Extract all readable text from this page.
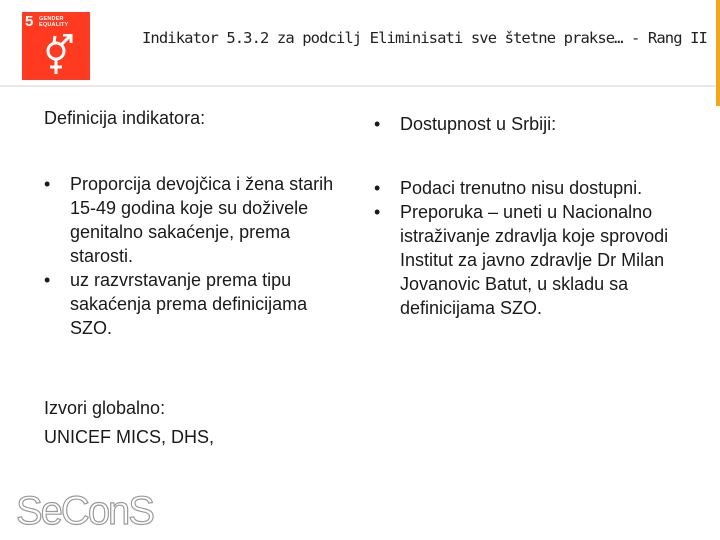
5 GENDER
EQUALITY
Indikator 5.3.2 za podcilj Eliminisati sve štetne prakse… - Rang II
Definicija indikatora:
• Proporcija devojčica i žena starih 15-49 godina koje su doživele genitalno sakaćenje, prema starosti.
• uz razvrstavanje prema tipu sakaćenja prema definicijama SZO.
Izvori globalno:
UNICEF MICS, DHS,
• Dostupnost u Srbiji:
• Podaci trenutno nisu dostupni.
• Preporuka – uneti u Nacionalno istraživanje zdravlja koje sprovodi Institut za javno zdravlje Dr Milan Jovanovic Batut, u skladu sa definicijama SZO.
SeConS
